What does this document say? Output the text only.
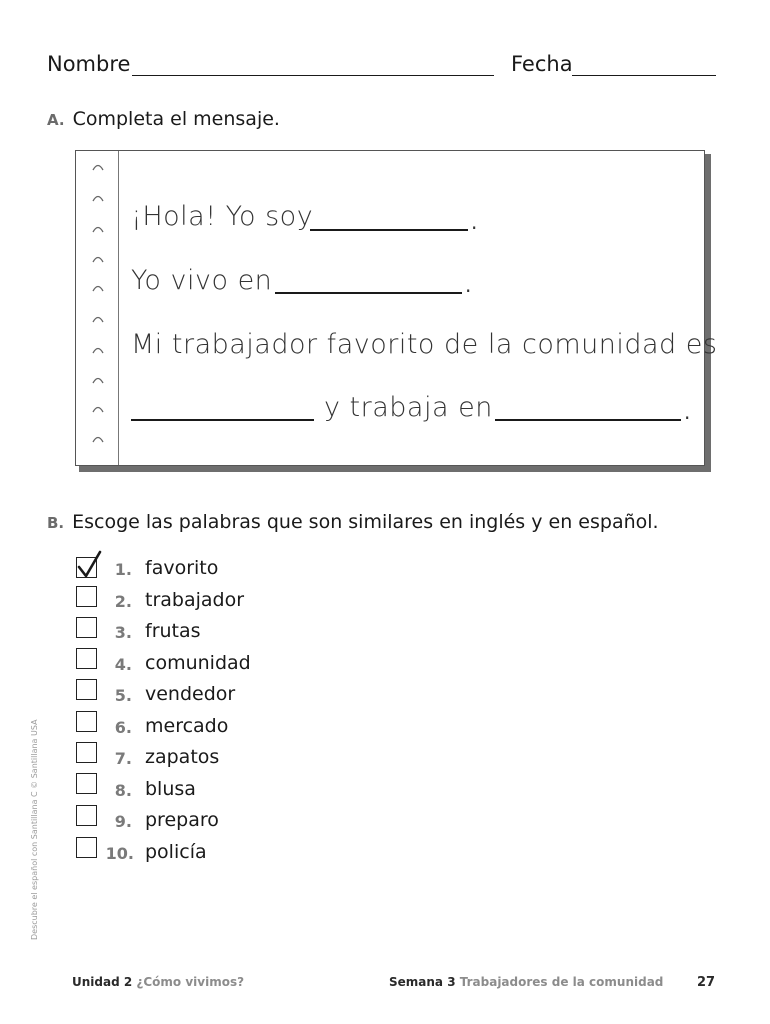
Nombre	Fecha
A. Completa el mensaje.
¡Hola! Yo soy	.
Yo vivo en	.
Mi trabajador favorito de la comunidad es
y trabaja en	.
B. Escoge las palabras que son similares en inglés y en español.
1. favorito
2. trabajador
3. frutas
4. comunidad
5. vendedor
6. mercado
7. zapatos
8. blusa
9. preparo
10. policía
Descubre el español con Santillana C © Santillana USA
Unidad 2 ¿Cómo vivimos?	Semana 3 Trabajadores de la comunidad	27
